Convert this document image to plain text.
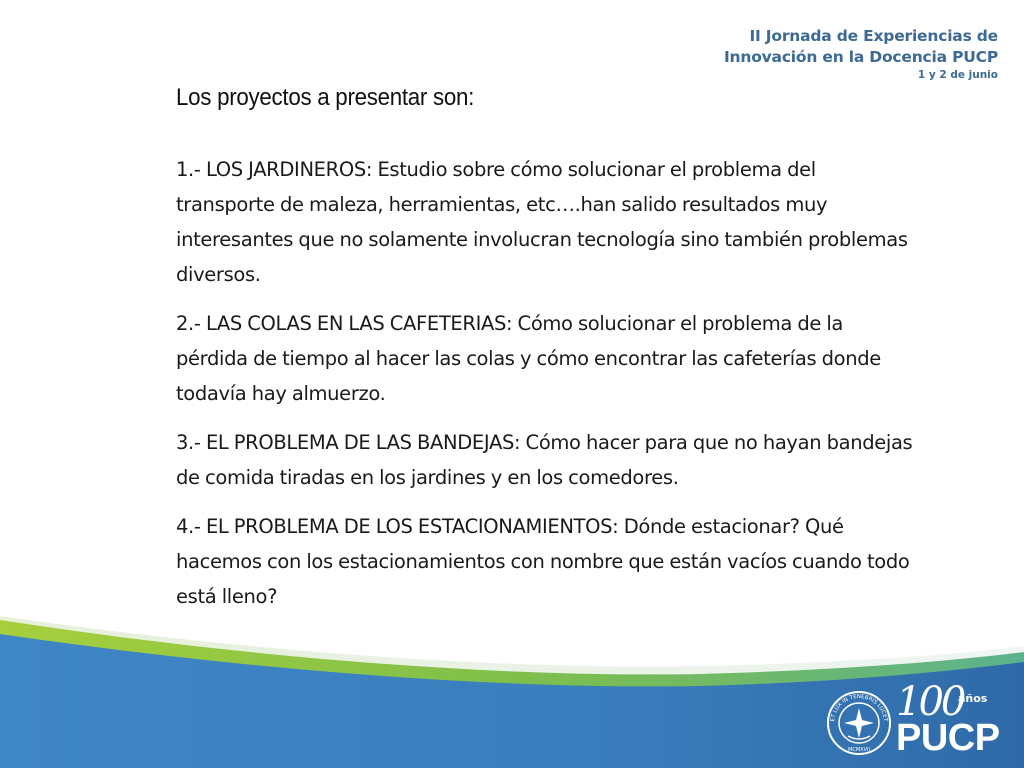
II Jornada de Experiencias de
Innovación en la Docencia PUCP
1 y 2 de junio
Los proyectos a presentar son:
1.- LOS JARDINEROS: Estudio sobre cómo solucionar el problema del transporte de maleza, herramientas, etc….han salido resultados muy interesantes que no solamente involucran tecnología sino también problemas diversos.
2.- LAS COLAS EN LAS CAFETERIAS: Cómo solucionar el problema de la pérdida de tiempo al hacer las colas y cómo encontrar las cafeterías donde todavía hay almuerzo.
3.- EL PROBLEMA DE LAS BANDEJAS: Cómo hacer para que no hayan bandejas de comida tiradas en los jardines y en los comedores.
4.- EL PROBLEMA DE LOS ESTACIONAMIENTOS: Dónde estacionar? Qué hacemos con los estacionamientos con nombre que están vacíos cuando todo está lleno?
ET LUX IN TENEBRIS LUCET
MCMXVII
100
años
PUCP
